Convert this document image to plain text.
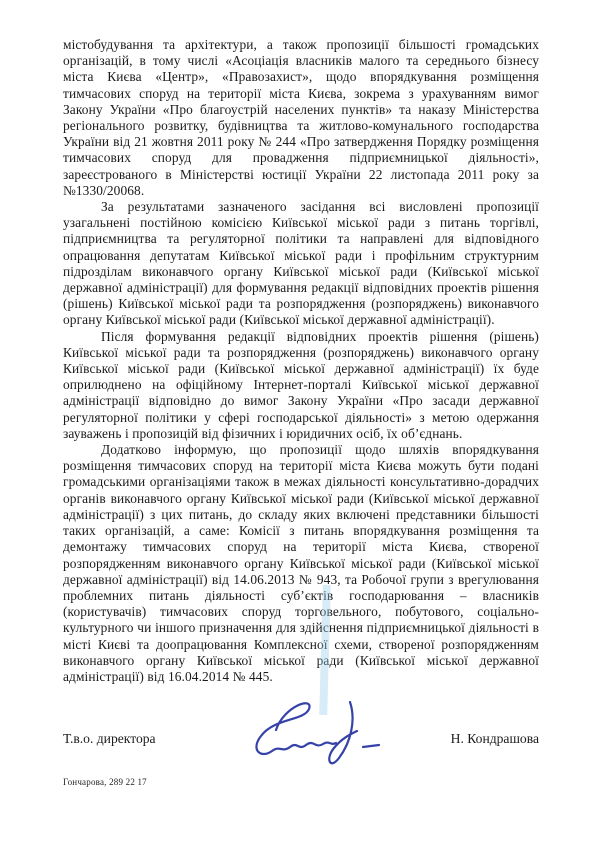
містобудування та архітектури, а також пропозиції більшості громадських організацій, в тому числі «Асоціація власників малого та середнього бізнесу міста Києва «Центр», «Правозахист», щодо впорядкування розміщення тимчасових споруд на території міста Києва, зокрема з урахуванням вимог Закону України «Про благоустрій населених пунктів» та наказу Міністерства регіонального розвитку, будівництва та житлово-комунального господарства України від 21 жовтня 2011 року № 244 «Про затвердження Порядку розміщення тимчасових споруд для провадження підприємницької діяльності», зареєстрованого в Міністерстві юстиції України 22 листопада 2011 року за №1330/20068.

За результатами зазначеного засідання всі висловлені пропозиції узагальнені постійною комісією Київської міської ради з питань торгівлі, підприємництва та регуляторної політики та направлені для відповідного опрацювання депутатам Київської міської ради і профільним структурним підрозділам виконавчого органу Київської міської ради (Київської міської державної адміністрації) для формування редакції відповідних проектів рішення (рішень) Київської міської ради та розпорядження (розпоряджень) виконавчого органу Київської міської ради (Київської міської державної адміністрації).

Після формування редакції відповідних проектів рішення (рішень) Київської міської ради та розпорядження (розпоряджень) виконавчого органу Київської міської ради (Київської міської державної адміністрації) їх буде оприлюднено на офіційному Інтернет-порталі Київської міської державної адміністрації відповідно до вимог Закону України «Про засади державної регуляторної політики у сфері господарської діяльності» з метою одержання зауважень і пропозицій від фізичних і юридичних осіб, їх об’єднань.

Додатково інформую, що пропозиції щодо шляхів впорядкування розміщення тимчасових споруд на території міста Києва можуть бути подані громадськими організаціями також в межах діяльності консультативно-дорадчих органів виконавчого органу Київської міської ради (Київської міської державної адміністрації) з цих питань, до складу яких включені представники більшості таких організацій, а саме: Комісії з питань впорядкування розміщення та демонтажу тимчасових споруд на території міста Києва, створеної розпорядженням виконавчого органу Київської міської ради (Київської міської державної адміністрації) від 14.06.2013 № 943, та Робочої групи з врегулювання проблемних питань діяльності суб’єктів господарювання – власників (користувачів) тимчасових споруд торговельного, побутового, соціально-культурного чи іншого призначення для здійснення підприємницької діяльності в місті Києві та доопрацювання Комплексної схеми, створеної розпорядженням виконавчого органу Київської міської ради (Київської міської державної адміністрації) від 16.04.2014 № 445.

Т.в.о. директора	Н. Кондрашова
Гончарова, 289 22 17
